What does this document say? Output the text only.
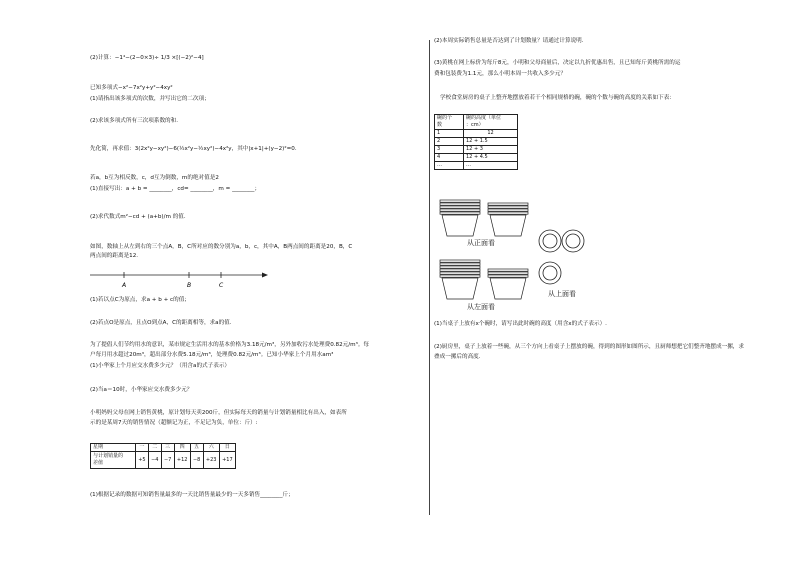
(2)计算：−1⁴−(2−0×3)÷ 1/3 ×[(−2)²−4]
已知多项式−x²−7x²y+y²−4xy²
(1)请指出该多项式的次数，并写出它的二次项；
(2)求该多项式所有三次项系数的和.
先化简，再求值：3(2x²y−xy²)−6(½x²y−½xy²)−4x²y，其中|x+1|+(y−2)²=0.
若a，b互为相反数，c，d互为倒数，m的绝对值是2
(1)直接写出：a + b = ________，cd= ________，m = ________；
(2)求代数式m²−cd + (a+b)/m 的值.
如图，数轴上从左到右的三个点A，B，C所对应的数分别为a，b，c，其中A，B两点间的距离是20，B，C
两点间的距离是12.
A	B	C
(1)若以点C为原点，求a + b + c的值；
(2)若点O是原点，且点O到点A，C的距离相等，求a的值.
为了提倡人们节约用水的意识，某市规定生活用水的基本价格为3.18元/m³，另外加收污水处理费0.82元/m³。每
户每月用水超过20m³，超出部分水费5.18元/m³，处理费0.82元/m³。已知小华家上个月用水am³
(1)小华家上个月应交水费多少元？（用含a的式子表示）
(2)当a＝10时，小华家应交水费多少元？
小明妈妈父母在网上销售黄桃，原计划每天卖200斤，但实际每天的销量与计划销量相比有出入，如表所
示的是某周7天的销售情况（超额记为正，不足记为负，单位：斤）:
星期	一	二	三	四	五	六	日
与计划销量的
差值	+5	−4	−7	+12	−8	+23	+17
(1)根据记录的数据可知销售量最多的一天比销售量最少的一天多销售________斤；
(2)本周实际销售总量是否达到了计划数量？请通过计算说明.
(3)黄桃在网上标价为每斤8元，小明和父母商量后，决定以九折优惠出售，且已知每斤黄桃所需的运
费和包装费为1.1元，那么小明本周一共收入多少元？
学校食堂厨房的桌子上整齐地摆放着若干个相同规格的碗，碗的个数与碗的高度的关系如下表：
碗的个
数	碗的高度（单位
：cm）
1	12
2	12 + 1.5
3	12 + 3
4	12 + 4.5
…	…
从正面看
从左面看
从上面看
(1)当桌子上放有x个碗时，请写出此时碗的高度（用含x的式子表示）.
(2)厨房里，桌子上放着一些碗，从三个方向上看桌子上摆放的碗，得到的图形如图所示，且厨师想把它们整齐地摆成一摞，求
叠成一摞后的高度.
